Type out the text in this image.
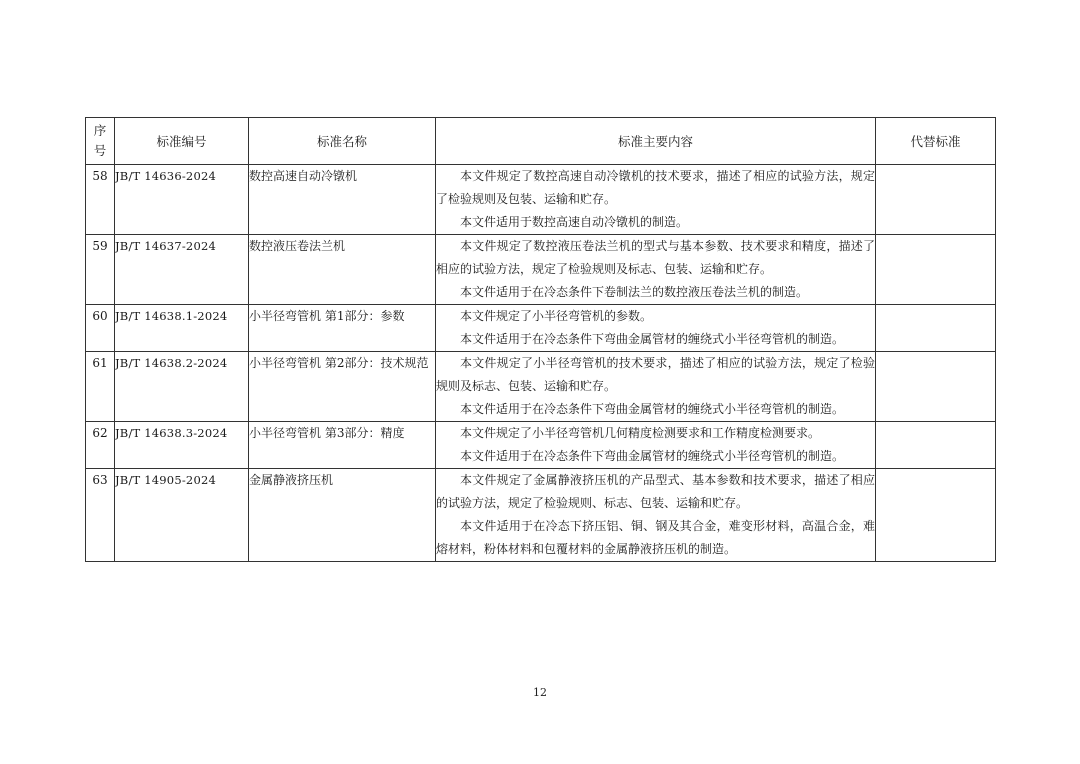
序
号	标准编号	标准名称	标准主要内容	代替标准
58	JB/T 14636-2024	数控高速自动冷镦机	本文件规定了数控高速自动冷镦机的技术要求，描述了相应的试验方法，规定了检验规则及包装、运输和贮存。

本文件适用于数控高速自动冷镦机的制造。	

59	JB/T 14637-2024	数控液压卷法兰机	本文件规定了数控液压卷法兰机的型式与基本参数、技术要求和精度，描述了相应的试验方法，规定了检验规则及标志、包装、运输和贮存。

本文件适用于在冷态条件下卷制法兰的数控液压卷法兰机的制造。	

60	JB/T 14638.1-2024	小半径弯管机 第1部分：参数	本文件规定了小半径弯管机的参数。

本文件适用于在冷态条件下弯曲金属管材的缠绕式小半径弯管机的制造。	

61	JB/T 14638.2-2024	小半径弯管机 第2部分：技术规范	本文件规定了小半径弯管机的技术要求，描述了相应的试验方法，规定了检验规则及标志、包装、运输和贮存。

本文件适用于在冷态条件下弯曲金属管材的缠绕式小半径弯管机的制造。	

62	JB/T 14638.3-2024	小半径弯管机 第3部分：精度	本文件规定了小半径弯管机几何精度检测要求和工作精度检测要求。

本文件适用于在冷态条件下弯曲金属管材的缠绕式小半径弯管机的制造。	

63	JB/T 14905-2024	金属静液挤压机	本文件规定了金属静液挤压机的产品型式、基本参数和技术要求，描述了相应的试验方法，规定了检验规则、标志、包装、运输和贮存。

本文件适用于在冷态下挤压铝、铜、钢及其合金，难变形材料，高温合金，难熔材料，粉体材料和包覆材料的金属静液挤压机的制造。	

12
